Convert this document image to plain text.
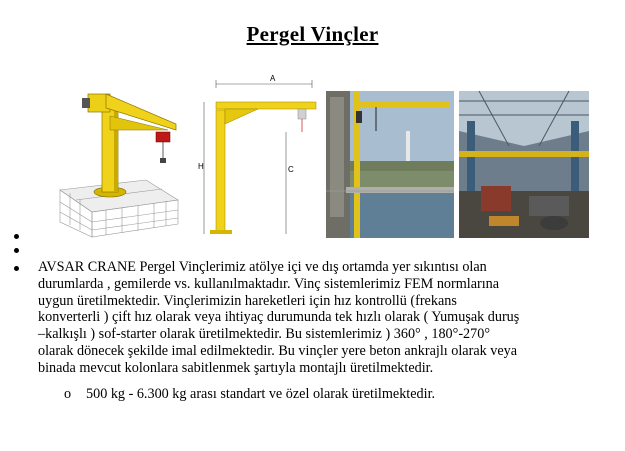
Pergel Vinçler
A
H	C
AVSAR CRANE Pergel Vinçlerimiz atölye içi ve dış ortamda yer sıkıntısı olan
durumlarda , gemilerde vs. kullanılmaktadır. Vinç sistemlerimiz FEM normlarına
uygun üretilmektedir. Vinçlerimizin hareketleri için hız kontrollü (frekans
konverterli ) çift hız olarak veya ihtiyaç durumunda tek hızlı olarak ( Yumuşak duruş
–kalkışlı ) sof-starter olarak üretilmektedir. Bu sistemlerimiz ) 360° , 180°-270°
olarak dönecek şekilde imal edilmektedir. Bu vinçler yere beton ankrajlı olarak veya
binada mevcut kolonlara sabitlenmek şartıyla montajlı üretilmektedir.
o 500 kg - 6.300 kg arası standart ve özel olarak üretilmektedir.
